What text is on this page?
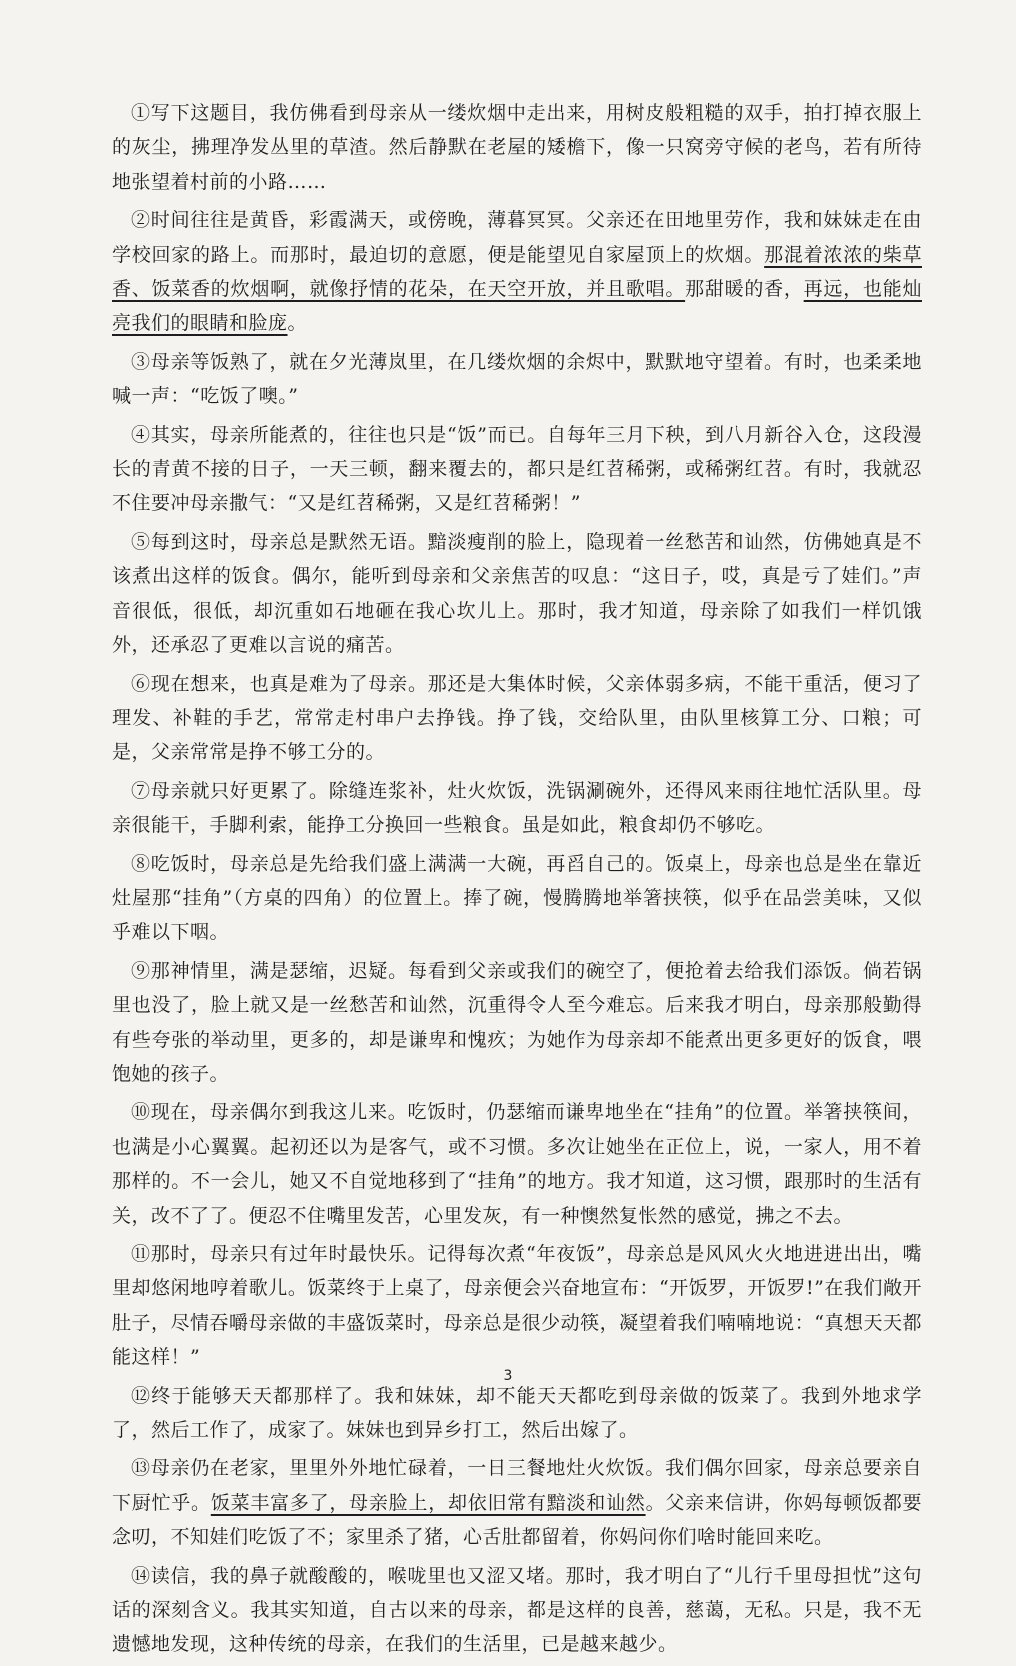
①写下这题目，我仿佛看到母亲从一缕炊烟中走出来，用树皮般粗糙的双手，拍打掉衣服上的灰尘，拂理净发丛里的草渣。然后静默在老屋的矮檐下，像一只窝旁守候的老鸟，若有所待地张望着村前的小路……

②时间往往是黄昏，彩霞满天，或傍晚，薄暮冥冥。父亲还在田地里劳作，我和妹妹走在由学校回家的路上。而那时，最迫切的意愿，便是能望见自家屋顶上的炊烟。那混着浓浓的柴草香、饭菜香的炊烟啊，就像抒情的花朵，在天空开放，并且歌唱。那甜暖的香，再远，也能灿亮我们的眼睛和脸庞。

③母亲等饭熟了，就在夕光薄岚里，在几缕炊烟的余烬中，默默地守望着。有时，也柔柔地喊一声：“吃饭了噢。”

④其实，母亲所能煮的，往往也只是“饭”而已。自每年三月下秧，到八月新谷入仓，这段漫长的青黄不接的日子，一天三顿，翻来覆去的，都只是红苕稀粥，或稀粥红苕。有时，我就忍不住要冲母亲撒气：“又是红苕稀粥，又是红苕稀粥！”

⑤每到这时，母亲总是默然无语。黯淡瘦削的脸上，隐现着一丝愁苦和讪然，仿佛她真是不该煮出这样的饭食。偶尔，能听到母亲和父亲焦苦的叹息：“这日子，哎，真是亏了娃们。”声音很低，很低，却沉重如石地砸在我心坎儿上。那时，我才知道，母亲除了如我们一样饥饿外，还承忍了更难以言说的痛苦。

⑥现在想来，也真是难为了母亲。那还是大集体时候，父亲体弱多病，不能干重活，便习了理发、补鞋的手艺，常常走村串户去挣钱。挣了钱，交给队里，由队里核算工分、口粮；可是，父亲常常是挣不够工分的。

⑦母亲就只好更累了。除缝连浆补，灶火炊饭，洗锅涮碗外，还得风来雨往地忙活队里。母亲很能干，手脚利索，能挣工分换回一些粮食。虽是如此，粮食却仍不够吃。

⑧吃饭时，母亲总是先给我们盛上满满一大碗，再舀自己的。饭桌上，母亲也总是坐在靠近灶屋那“挂角”（方桌的四角）的位置上。捧了碗，慢腾腾地举箸挟筷，似乎在品尝美味，又似乎难以下咽。

⑨那神情里，满是瑟缩，迟疑。每看到父亲或我们的碗空了，便抢着去给我们添饭。倘若锅里也没了，脸上就又是一丝愁苦和讪然，沉重得令人至今难忘。后来我才明白，母亲那般勤得有些夸张的举动里，更多的，却是谦卑和愧疚；为她作为母亲却不能煮出更多更好的饭食，喂饱她的孩子。

⑩现在，母亲偶尔到我这儿来。吃饭时，仍瑟缩而谦卑地坐在“挂角”的位置。举箸挟筷间，也满是小心翼翼。起初还以为是客气，或不习惯。多次让她坐在正位上，说，一家人，用不着那样的。不一会儿，她又不自觉地移到了“挂角”的地方。我才知道，这习惯，跟那时的生活有关，改不了了。便忍不住嘴里发苦，心里发灰，有一种懊然复怅然的感觉，拂之不去。

⑪那时，母亲只有过年时最快乐。记得每次煮“年夜饭”，母亲总是风风火火地进进出出，嘴里却悠闲地哼着歌儿。饭菜终于上桌了，母亲便会兴奋地宣布：“开饭罗，开饭罗!”在我们敞开肚子，尽情吞嚼母亲做的丰盛饭菜时，母亲总是很少动筷，凝望着我们喃喃地说：“真想天天都能这样！”

⑫终于能够天天都那样了。我和妹妹，却不能天天都吃到母亲做的饭菜了。我到外地求学了，然后工作了，成家了。妹妹也到异乡打工，然后出嫁了。

⑬母亲仍在老家，里里外外地忙碌着，一日三餐地灶火炊饭。我们偶尔回家，母亲总要亲自下厨忙乎。饭菜丰富多了，母亲脸上，却依旧常有黯淡和讪然。父亲来信讲，你妈每顿饭都要念叨，不知娃们吃饭了不；家里杀了猪，心舌肚都留着，你妈问你们啥时能回来吃。

⑭读信，我的鼻子就酸酸的，喉咙里也又涩又堵。那时，我才明白了“儿行千里母担忧”这句话的深刻含义。我其实知道，自古以来的母亲，都是这样的良善，慈蔼，无私。只是，我不无遗憾地发现，这种传统的母亲，在我们的生活里，已是越来越少。

3
